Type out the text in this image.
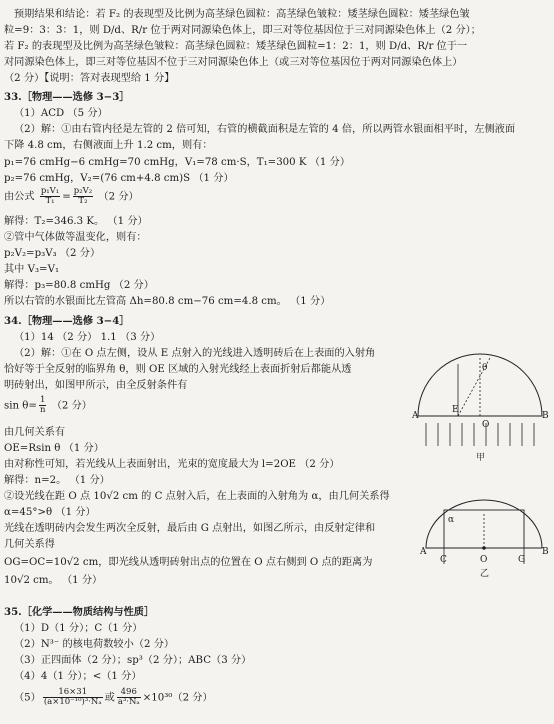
预期结果和结论：若 F₂ 的表现型及比例为高茎绿色圆粒：高茎绿色皱粒：矮茎绿色圆粒：矮茎绿色皱
粒=9：3：3：1，则 D/d、R/r 位于两对同源染色体上，即三对等位基因位于三对同源染色体上（2 分）；
若 F₂ 的表现型及比例为高茎绿色皱粒：高茎绿色圆粒：矮茎绿色圆粒=1：2：1，则 D/d、R/r 位于一
对同源染色体上，即三对等位基因不位于三对同源染色体上（或三对等位基因位于两对同源染色体上）
（2 分）【说明：答对表现型给 1 分】
33.［物理——选修 3−3］
（1）ACD （5 分）
（2）解：①由右管内径是左管的 2 倍可知，右管的横截面积是左管的 4 倍，所以两管水银面相平时，左侧液面
下降 4.8 cm，右侧液面上升 1.2 cm，则有：
p₁=76 cmHg−6 cmHg=70 cmHg，V₁=78 cm·S，T₁=300 K （1 分）
p₂=76 cmHg，V₂=(76 cm+4.8 cm)S （1 分）
由公式 $\frac{\text{p₁V₁}}{\text{T₁}} = \frac{\text{p₂V₂}}{\text{T₂}} (2$ 分）
解得：T₂=346.3 K。 （1 分）
②管中气体做等温变化，则有：
p₂V₂=p₃V₃ （2 分）
其中 V₃=V₁
解得：p₃=80.8 cmHg （2 分）
所以右管的水银面比左管高 Δh=80.8 cm−76 cm=4.8 cm。 （1 分）
34.［物理——选修 3−4］
（1）14 （2 分） 1.1 （3 分）
（2）解：①在 O 点左侧，设从 E 点射入的光线进入透明砖后在上表面的入射角
恰好等于全反射的临界角 θ，则 OE 区域的入射光线经上表面折射后都能从透
明砖射出，如图甲所示，由全反射条件有
$\sin \theta= \frac{1}{n} (2$ 分）
由几何关系有
OE=Rsin θ （1 分）
由对称性可知，若光线从上表面射出，光束的宽度最大为 l=2OE （2 分）
解得：n=2。 （1 分）
②设光线在距 O 点 10√2 cm 的 C 点射入后，在上表面的入射角为 α，由几何关系得
α=45°>θ （1 分）
光线在透明砖内会发生两次全反射，最后由 G 点射出，如图乙所示，由反射定律和
几何关系得
OG=OC=10√2 cm，即光线从透明砖射出点的位置在 O 点右侧到 O 点的距离为
10√2 cm。 （1 分）
A
E
O
B
θ
甲
A
C	O	G
B
α
乙
35.［化学——物质结构与性质］
（1）D（1 分）；C（1 分）
（2）N³⁻ 的核电荷数较小（2 分）
（3）正四面体（2 分）；sp³（2 分）；ABC（3 分）
（4）4（1 分）；<（1 分）
$(5) \frac{16\times 31}{\text{(a×10⁻¹⁰)³·Nₐ}}$ 或 $\frac{496}{\text{a³·Nₐ}} \times 10^{30}(2$ 分）
